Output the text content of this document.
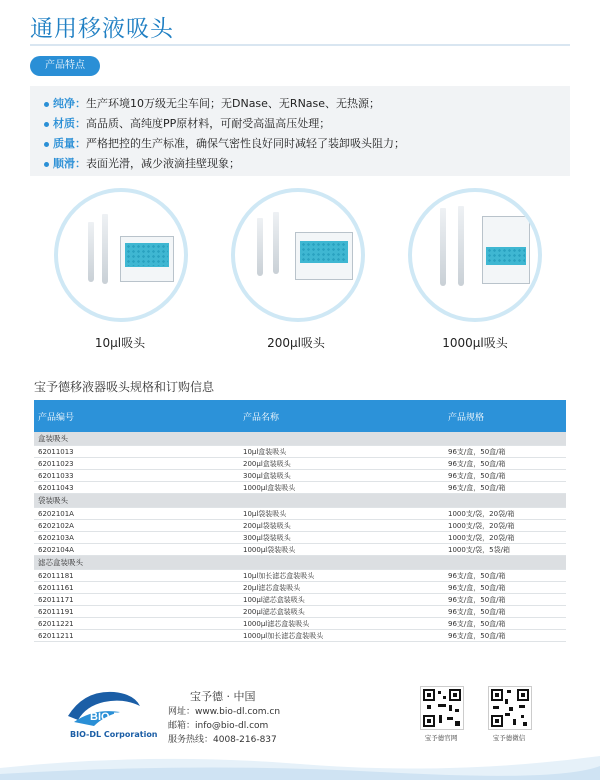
通用移液吸头
产品特点
纯净：生产环境10万级无尘车间；无DNase、无RNase、无热源；
材质：高品质、高纯度PP原材料，可耐受高温高压处理；
质量：严格把控的生产标准，确保气密性良好同时减轻了装卸吸头阻力；
顺滑：表面光滑，减少液滴挂壁现象；
10μl吸头	200μl吸头	1000μl吸头
宝予德移液器吸头规格和订购信息
产品编号	产品名称	产品规格
盒装吸头		
62011013	10μl盒装吸头	96支/盒，50盒/箱
62011023	200μl盒装吸头	96支/盒，50盒/箱
62011033	300μl盒装吸头	96支/盒，50盒/箱
62011043	1000μl盒装吸头	96支/盒，50盒/箱
袋装吸头		
6202101A	10μl袋装吸头	1000支/袋，20袋/箱
6202102A	200μl袋装吸头	1000支/袋，20袋/箱
6202103A	300μl袋装吸头	1000支/袋，20袋/箱
6202104A	1000μl袋装吸头	1000支/袋，5袋/箱
滤芯盒装吸头		
62011181	10μl加长滤芯盒装吸头	96支/盒，50盒/箱
62011161	20μl滤芯盒装吸头	96支/盒，50盒/箱
62011171	100μl滤芯盒装吸头	96支/盒，50盒/箱
62011191	200μl滤芯盒装吸头	96支/盒，50盒/箱
62011221	1000μl滤芯盒装吸头	96支/盒，50盒/箱
62011211	1000μl加长滤芯盒装吸头	96支/盒，50盒/箱
BIO-DL
BIO-DL Corporation
宝予德 · 中国
网址：www.bio-dl.com.cn
邮箱：info@bio-dl.com
服务热线：4008-216-837	宝予德官网	宝予德微信
